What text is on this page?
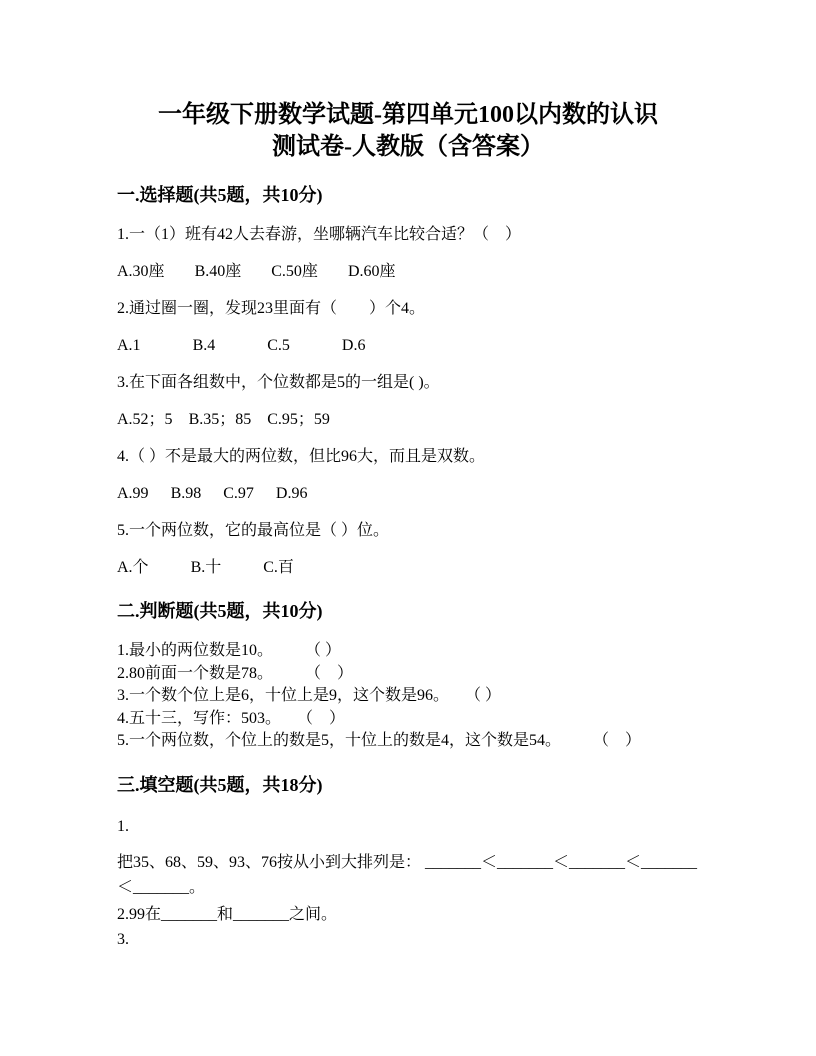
一年级下册数学试题-第四单元100以内数的认识
测试卷-人教版（含答案）
一.选择题(共5题，共10分)

1.一（1）班有42人去春游，坐哪辆汽车比较合适？（　）

A.30座 B.40座 C.50座 D.60座

2.通过圈一圈，发现23里面有（　　）个4。

A.1	B.4	C.5	D.6

3.在下面各组数中，个位数都是5的一组是( )。

A.52；5 B.35；85 C.95；59

4.（ ）不是最大的两位数，但比96大，而且是双数。

A.99 B.98 C.97 D.96

5.一个两位数，它的最高位是（ ）位。

A.个	B.十	C.百

二.判断题(共5题，共10分)

1.最小的两位数是10。　　　（ ）

2.80前面一个数是78。　　　（　）

3.一个数个位上是6，十位上是9，这个数是96。　　（ ）

4.五十三，写作：503。　　（　）

5.一个两位数，个位上的数是5，十位上的数是4，这个数是54。　　　（　）

三.填空题(共5题，共18分)

1.

把35、68、59、93、76按从小到大排列是： _______＜_______＜_______＜_______
＜_______。

2.99在_______和_______之间。

3.
